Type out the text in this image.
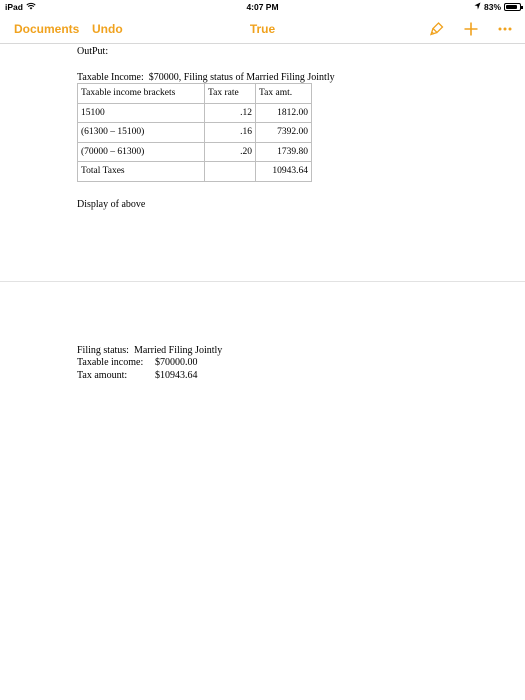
iPad	4:07 PM	83%
Documents Undo	True
OutPut:
Taxable Income:  $70000, Filing status of Married Filing Jointly
Taxable income brackets	Tax rate	Tax amt.
15100	.12	1812.00
(61300 – 15100)	.16	7392.00
(70000 – 61300)	.20	1739.80
Total Taxes		10943.64
Display of above
Filing status:  Married Filing Jointly
Taxable income: $70000.00
Tax amount:	$10943.64
